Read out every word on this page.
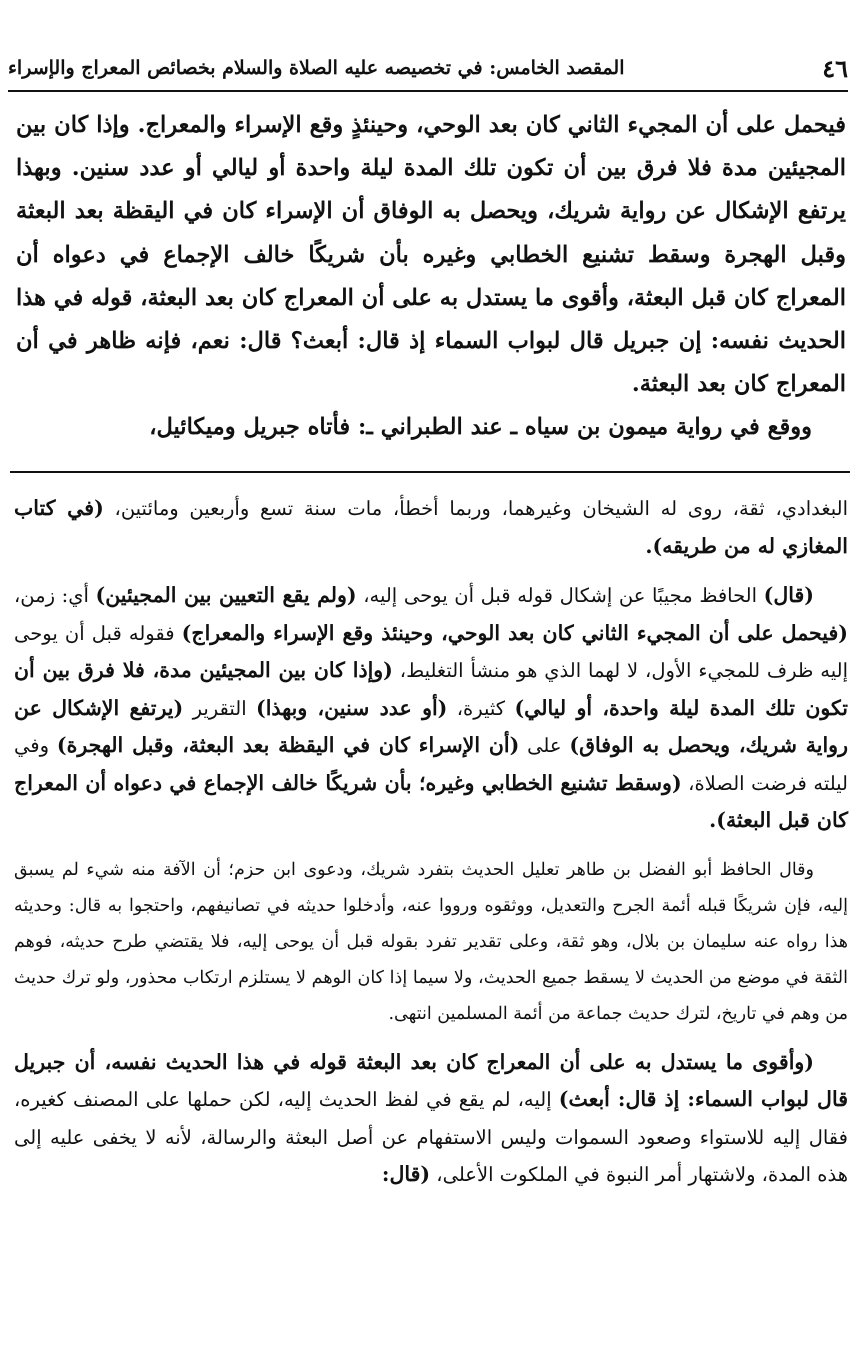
٤٦
المقصد الخامس: في تخصيصه عليه الصلاة والسلام بخصائص المعراج والإسراء

فيحمل على أن المجيء الثاني كان بعد الوحي، وحينئذٍ وقع الإسراء والمعراج. وإذا كان بين المجيئين مدة فلا فرق بين أن تكون تلك المدة ليلة واحدة أو ليالي أو عدد سنين. وبهذا يرتفع الإشكال عن رواية شريك، ويحصل به الوفاق أن الإسراء كان في اليقظة بعد البعثة وقبل الهجرة وسقط تشنيع الخطابي وغيره بأن شريكًا خالف الإجماع في دعواه أن المعراج كان قبل البعثة، وأقوى ما يستدل به على أن المعراج كان بعد البعثة، قوله في هذا الحديث نفسه: إن جبريل قال لبواب السماء إذ قال: أبعث؟ قال: نعم، فإنه ظاهر في أن المعراج كان بعد البعثة.

ووقع في رواية ميمون بن سياه ـ عند الطبراني ـ: فأتاه جبريل وميكائيل،

البغدادي، ثقة، روى له الشيخان وغيرهما، وربما أخطأ، مات سنة تسع وأربعين ومائتين، (في كتاب المغازي له من طريقه).

(قال) الحافظ مجيبًا عن إشكال قوله قبل أن يوحى إليه، (ولم يقع التعيين بين المجيئين) أي: زمن، (فيحمل على أن المجيء الثاني كان بعد الوحي، وحينئذ وقع الإسراء والمعراج) فقوله قبل أن يوحى إليه ظرف للمجيء الأول، لا لهما الذي هو منشأ التغليط، (وإذا كان بين المجيئين مدة، فلا فرق بين أن تكون تلك المدة ليلة واحدة، أو ليالي) كثيرة، (أو عدد سنين، وبهذا) التقرير (يرتفع الإشكال عن رواية شريك، ويحصل به الوفاق) على (أن الإسراء كان في اليقظة بعد البعثة، وقبل الهجرة) وفي ليلته فرضت الصلاة، (وسقط تشنيع الخطابي وغيره؛ بأن شريكًا خالف الإجماع في دعواه أن المعراج كان قبل البعثة).

وقال الحافظ أبو الفضل بن طاهر تعليل الحديث بتفرد شريك، ودعوى ابن حزم؛ أن الآفة منه شيء لم يسبق إليه، فإن شريكًا قبله أئمة الجرح والتعديل، ووثقوه ورووا عنه، وأدخلوا حديثه في تصانيفهم، واحتجوا به قال: وحديثه هذا رواه عنه سليمان بن بلال، وهو ثقة، وعلى تقدير تفرد بقوله قبل أن يوحى إليه، فلا يقتضي طرح حديثه، فوهم الثقة في موضع من الحديث لا يسقط جميع الحديث، ولا سيما إذا كان الوهم لا يستلزم ارتكاب محذور، ولو ترك حديث من وهم في تاريخ، لترك حديث جماعة من أئمة المسلمين انتهى.

(وأقوى ما يستدل به على أن المعراج كان بعد البعثة قوله في هذا الحديث نفسه، أن جبريل قال لبواب السماء: إذ قال: أبعث) إليه، لم يقع في لفظ الحديث إليه، لكن حملها على المصنف كغيره، فقال إليه للاستواء وصعود السموات وليس الاستفهام عن أصل البعثة والرسالة، لأنه لا يخفى عليه إلى هذه المدة، ولاشتهار أمر النبوة في الملكوت الأعلى، (قال:
